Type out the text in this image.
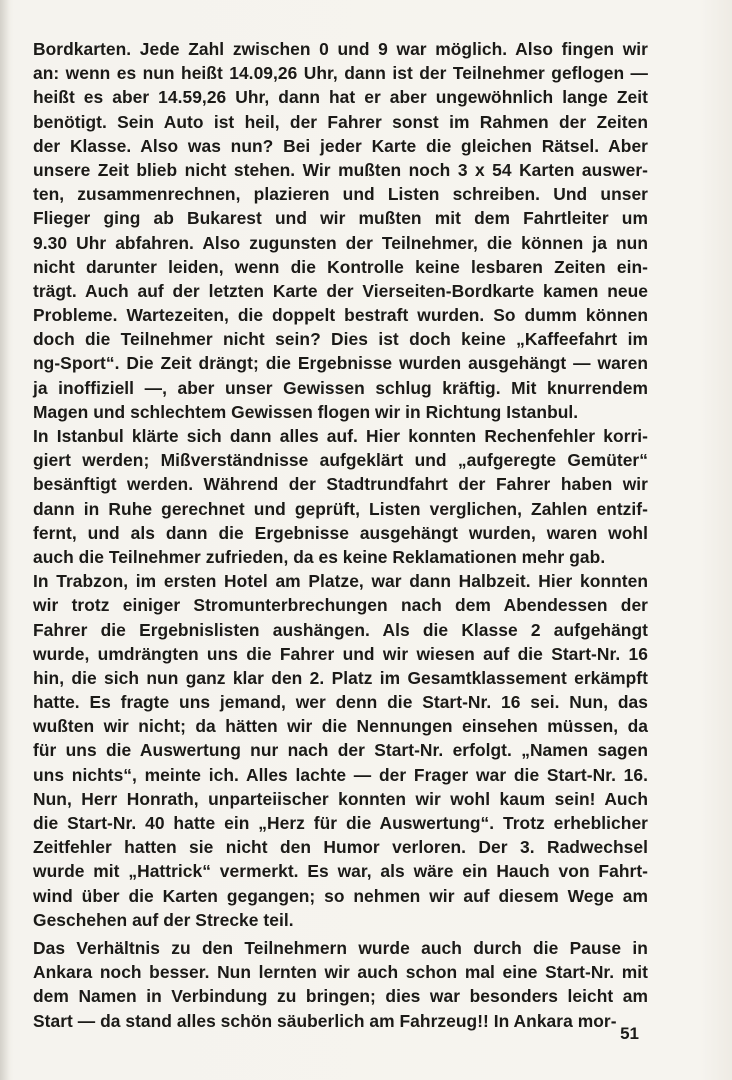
Bordkarten. Jede Zahl zwischen 0 und 9 war möglich. Also fingen wir
an: wenn es nun heißt 14.09,26 Uhr, dann ist der Teilnehmer geflogen —
heißt es aber 14.59,26 Uhr, dann hat er aber ungewöhnlich lange Zeit
benötigt. Sein Auto ist heil, der Fahrer sonst im Rahmen der Zeiten
der Klasse. Also was nun? Bei jeder Karte die gleichen Rätsel. Aber
unsere Zeit blieb nicht stehen. Wir mußten noch 3 x 54 Karten auswer-
ten, zusammenrechnen, plazieren und Listen schreiben. Und unser
Flieger ging ab Bukarest und wir mußten mit dem Fahrtleiter um
9.30 Uhr abfahren. Also zugunsten der Teilnehmer, die können ja nun
nicht darunter leiden, wenn die Kontrolle keine lesbaren Zeiten ein-
trägt. Auch auf der letzten Karte der Vierseiten-Bordkarte kamen neue
Probleme. Wartezeiten, die doppelt bestraft wurden. So dumm können
doch die Teilnehmer nicht sein? Dies ist doch keine „Kaffeefahrt im
ng-Sport“. Die Zeit drängt; die Ergebnisse wurden ausgehängt — waren
ja inoffiziell —, aber unser Gewissen schlug kräftig. Mit knurrendem
Magen und schlechtem Gewissen flogen wir in Richtung Istanbul.
In Istanbul klärte sich dann alles auf. Hier konnten Rechenfehler korri-
giert werden; Mißverständnisse aufgeklärt und „aufgeregte Gemüter“
besänftigt werden. Während der Stadtrundfahrt der Fahrer haben wir
dann in Ruhe gerechnet und geprüft, Listen verglichen, Zahlen entzif-
fernt, und als dann die Ergebnisse ausgehängt wurden, waren wohl
auch die Teilnehmer zufrieden, da es keine Reklamationen mehr gab.
In Trabzon, im ersten Hotel am Platze, war dann Halbzeit. Hier konnten
wir trotz einiger Stromunterbrechungen nach dem Abendessen der
Fahrer die Ergebnislisten aushängen. Als die Klasse 2 aufgehängt
wurde, umdrängten uns die Fahrer und wir wiesen auf die Start-Nr. 16
hin, die sich nun ganz klar den 2. Platz im Gesamtklassement erkämpft
hatte. Es fragte uns jemand, wer denn die Start-Nr. 16 sei. Nun, das
wußten wir nicht; da hätten wir die Nennungen einsehen müssen, da
für uns die Auswertung nur nach der Start-Nr. erfolgt. „Namen sagen
uns nichts“, meinte ich. Alles lachte — der Frager war die Start-Nr. 16.
Nun, Herr Honrath, unparteiischer konnten wir wohl kaum sein! Auch
die Start-Nr. 40 hatte ein „Herz für die Auswertung“. Trotz erheblicher
Zeitfehler hatten sie nicht den Humor verloren. Der 3. Radwechsel
wurde mit „Hattrick“ vermerkt. Es war, als wäre ein Hauch von Fahrt-
wind über die Karten gegangen; so nehmen wir auf diesem Wege am
Geschehen auf der Strecke teil.
Das Verhältnis zu den Teilnehmern wurde auch durch die Pause in
Ankara noch besser. Nun lernten wir auch schon mal eine Start-Nr. mit
dem Namen in Verbindung zu bringen; dies war besonders leicht am
Start — da stand alles schön säuberlich am Fahrzeug!! In Ankara mor-
51
